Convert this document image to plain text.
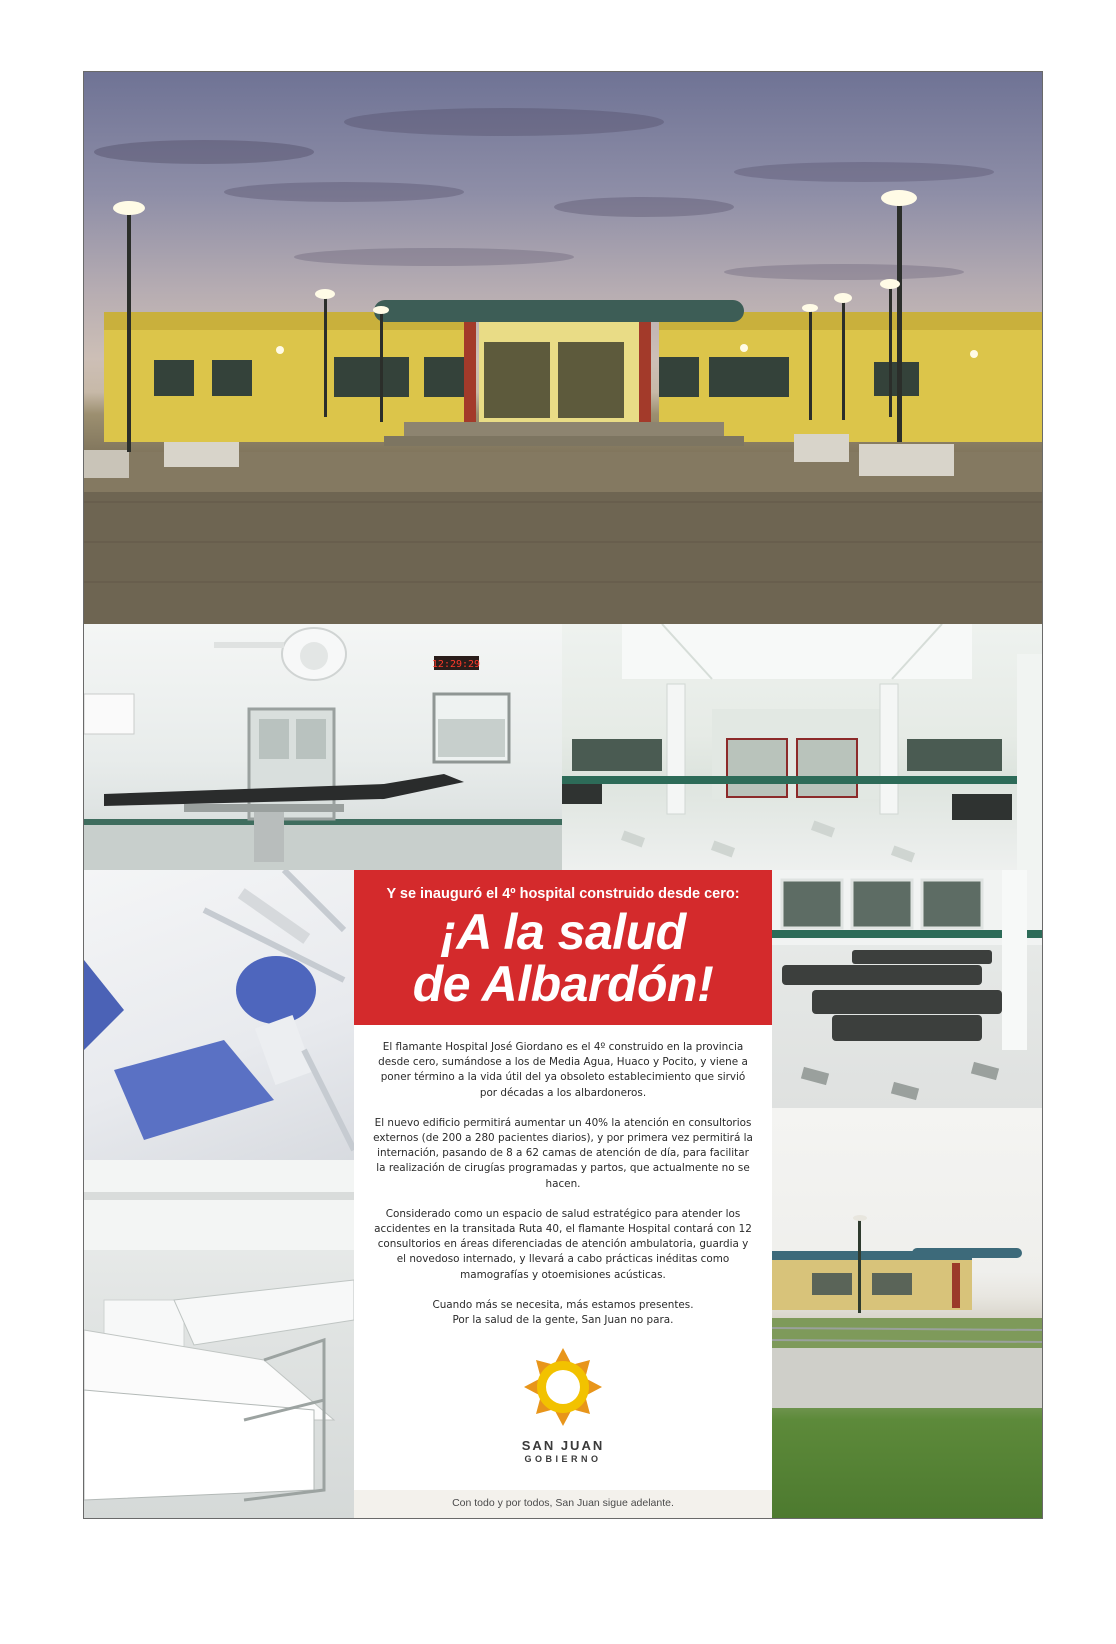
12:29:29
Y se inauguró el 4º hospital construido desde cero:
¡A la salud
de Albardón!

El flamante Hospital José Giordano es el 4º construido en la provincia desde cero, sumándose a los de Media Agua, Huaco y Pocito, y viene a poner término a la vida útil del ya obsoleto establecimiento que sirvió por décadas a los albardoneros.

El nuevo edificio permitirá aumentar un 40% la atención en consultorios externos (de 200 a 280 pacientes diarios), y por primera vez permitirá la internación, pasando de 8 a 62 camas de atención de día, para facilitar la realización de cirugías programadas y partos, que actualmente no se hacen.

Considerado como un espacio de salud estratégico para atender los accidentes en la transitada Ruta 40, el flamante Hospital contará con 12 consultorios en áreas diferenciadas de atención ambulatoria, guardia y el novedoso internado, y llevará a cabo prácticas inéditas como mamografías y otoemisiones acústicas.

Cuando más se necesita, más estamos presentes.
Por la salud de la gente, San Juan no para.

SAN JUAN
GOBIERNO
Con todo y por todos, San Juan sigue adelante.
